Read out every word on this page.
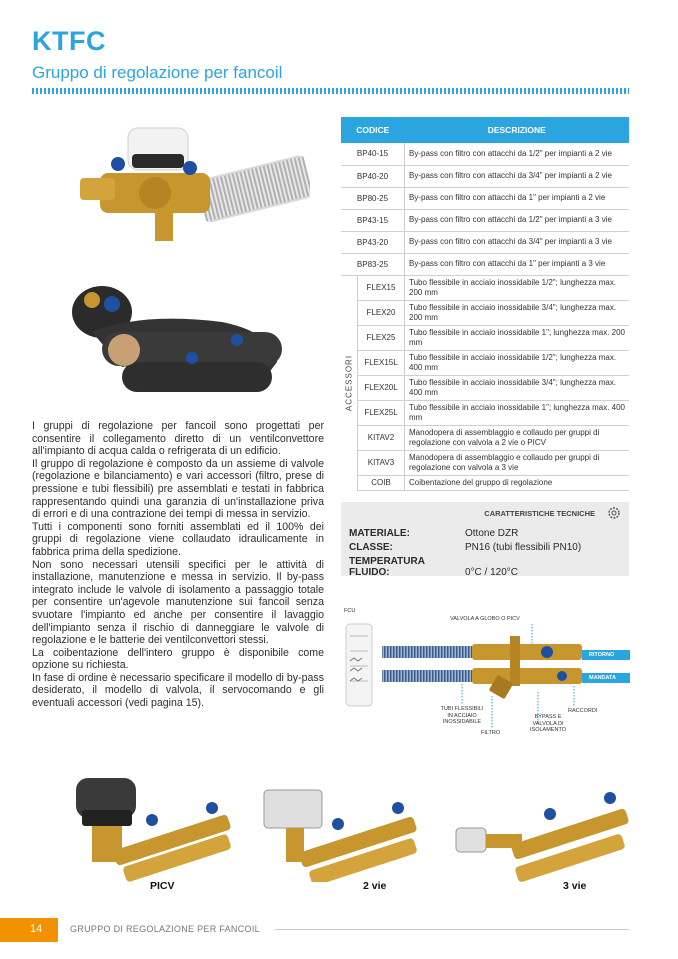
KTFC
Gruppo di regolazione per fancoil
CODICE		DESCRIZIONE
BP40-15		By-pass con filtro con attacchi da 1/2" per impianti a 2 vie
BP40-20		By-pass con filtro con attacchi da 3/4" per impianti a 2 vie
BP80-25		By-pass con filtro con attacchi da 1" per impianti a 2 vie
BP43-15		By-pass con filtro con attacchi da 1/2" per impianti a 3 vie
BP43-20		By-pass con filtro con attacchi da 3/4" per impianti a 3 vie
BP83-25		By-pass con filtro con attacchi da 1" per impianti a 3 vie

ACCESSORI	FLEX15	Tubo flessibile in acciaio inossidabile 1/2"; lunghezza max. 200 mm
	FLEX20	Tubo flessibile in acciaio inossidabile 3/4"; lunghezza max. 200 mm
	FLEX25	Tubo flessibile in acciaio inossidabile 1"; lunghezza max. 200 mm
	FLEX15L	Tubo flessibile in acciaio inossidabile 1/2"; lunghezza max. 400 mm
	FLEX20L	Tubo flessibile in acciaio inossidabile 3/4"; lunghezza max. 400 mm
	FLEX25L	Tubo flessibile in acciaio inossidabile 1"; lunghezza max. 400 mm
	KITAV2	Manodopera di assemblaggio e collaudo per gruppi di regolazione con valvola a 2 vie o PICV
	KITAV3	Manodopera di assemblaggio e collaudo per gruppi di regolazione con valvola a 3 vie
	COIB	Coibentazione del gruppo di regolazione
CARATTERISTICHE TECNICHE
MATERIALE:	Ottone DZR
CLASSE:	PN16 (tubi flessibili PN10)
TEMPERATURA FLUIDO:	0°C / 120°C

I gruppi di regolazione per fancoil sono progettati per consentire il collegamento diretto di un ventilconvettore all'impianto di acqua calda o refrigerata di un edificio.

Il gruppo di regolazione è composto da un assieme di valvole (regolazione e bilanciamento) e vari accessori (filtro, prese di pressione e tubi flessibili) pre assemblati e testati in fabbrica rappresentando quindi una garanzia di un'installazione priva di errori e di una contrazione dei tempi di messa in servizio.

Tutti i componenti sono forniti assemblati ed il 100% dei gruppi di regolazione viene collaudato idraulicamente in fabbrica prima della spedizione.

Non sono necessari utensili specifici per le attività di installazione, manutenzione e messa in servizio. Il by-pass integrato include le valvole di isolamento a passaggio totale per consentire un'agevole manutenzione sui fancoil senza svuotare l'impianto ed anche per consentire il lavaggio dell'impianto senza il rischio di danneggiare le valvole di regolazione e le batterie dei ventilconvettori stessi.

La coibentazione dell'intero gruppo è disponibile come opzione su richiesta.

In fase di ordine è necessario specificare il modello di by-pass desiderato, il modello di valvola, il servocomando e gli eventuali accessori (vedi pagina 15).

FCU
VALVOLA A GLOBO O PICV
RITORNO
MANDATA
TUBI FLESSIBILI IN ACCIAIO INOSSIDABILE
BYPASS E VALVOLA DI ISOLAMENTO
FILTRO
RACCORDI
PICV	2 vie	3 vie
14	GRUPPO DI REGOLAZIONE PER FANCOIL
